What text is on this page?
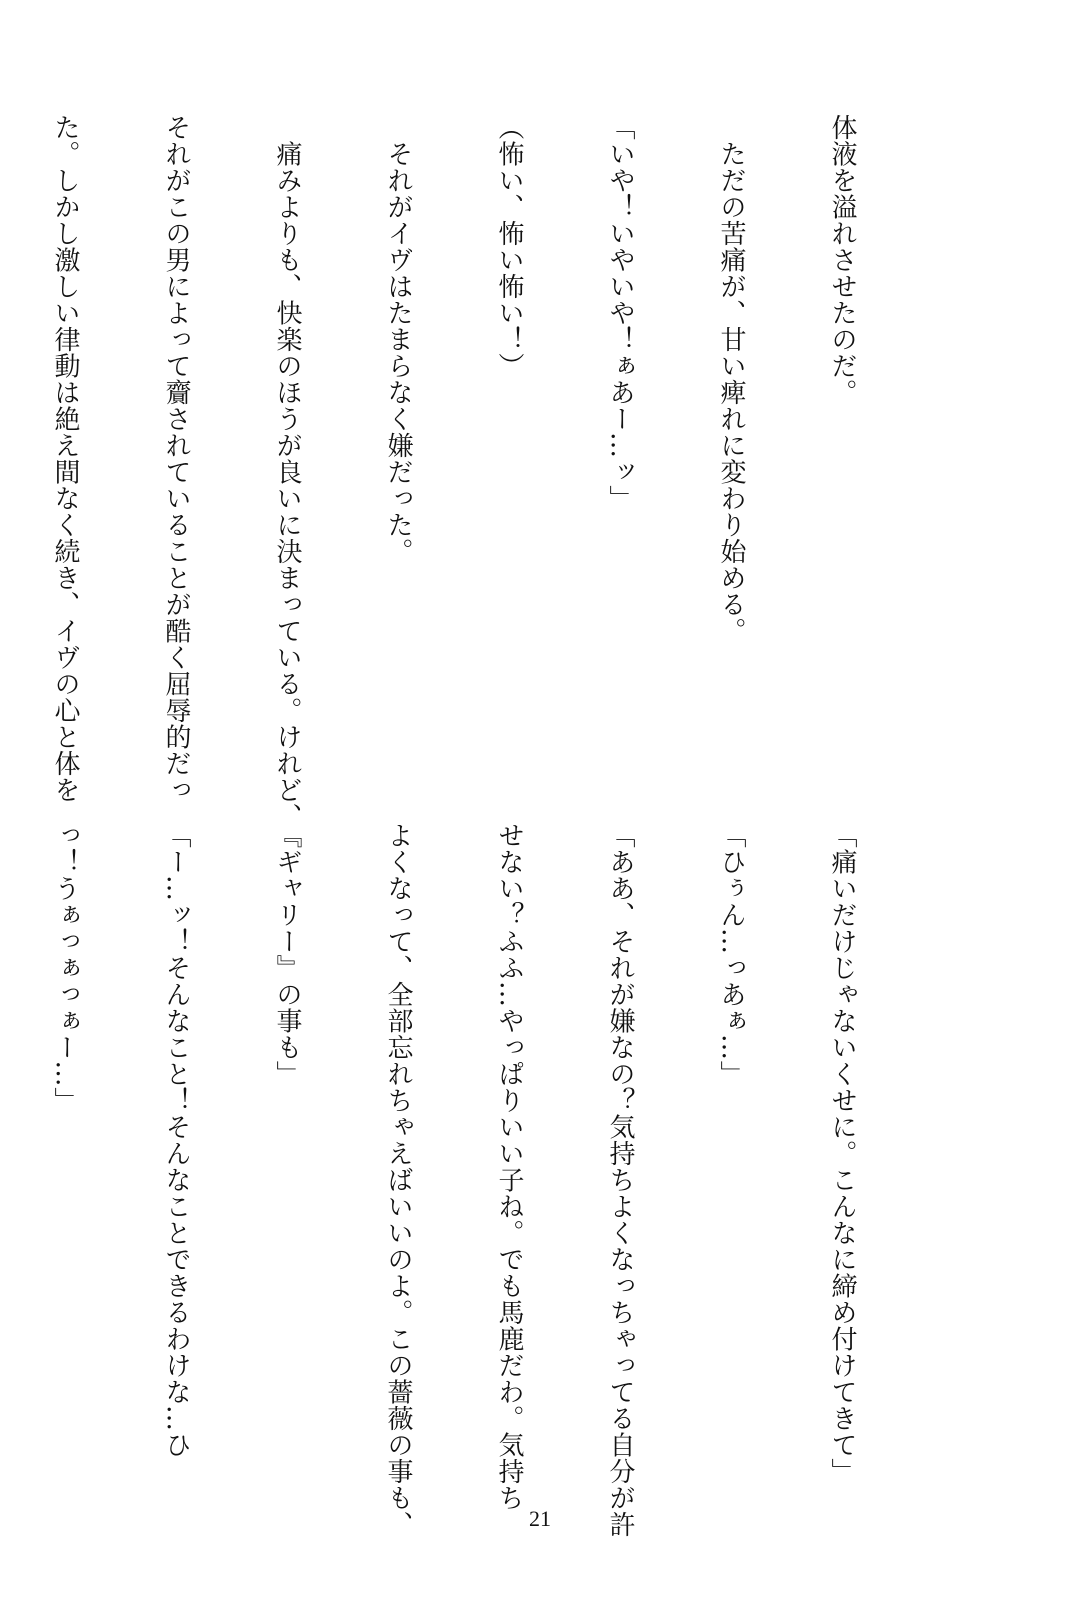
体液を溢れさせたのだ。

　ただの苦痛が、甘い痺れに変わり始める。

「いや！いやいや！ぁあー…ッ」

（怖い、怖い怖い！）

　それがイヴはたまらなく嫌だった。

　痛みよりも、快楽のほうが良いに決まっている。けれど、

それがこの男によって齎されていることが酷く屈辱的だっ

た。しかし激しい律動は絶え間なく続き、イヴの心と体を

「痛いだけじゃないくせに。こんなに締め付けてきて」

「ひぅん…っあぁ…」

「ああ、それが嫌なの？気持ちよくなっちゃってる自分が許

せない？ふふ…やっぱりいい子ね。でも馬鹿だわ。気持ち

よくなって、全部忘れちゃえばいいのよ。この薔薇の事も、

『ギャリー』の事も」

「ー…ッ！そんなこと！そんなことできるわけな…ひ

っ！うぁっぁっぁー…」

21
